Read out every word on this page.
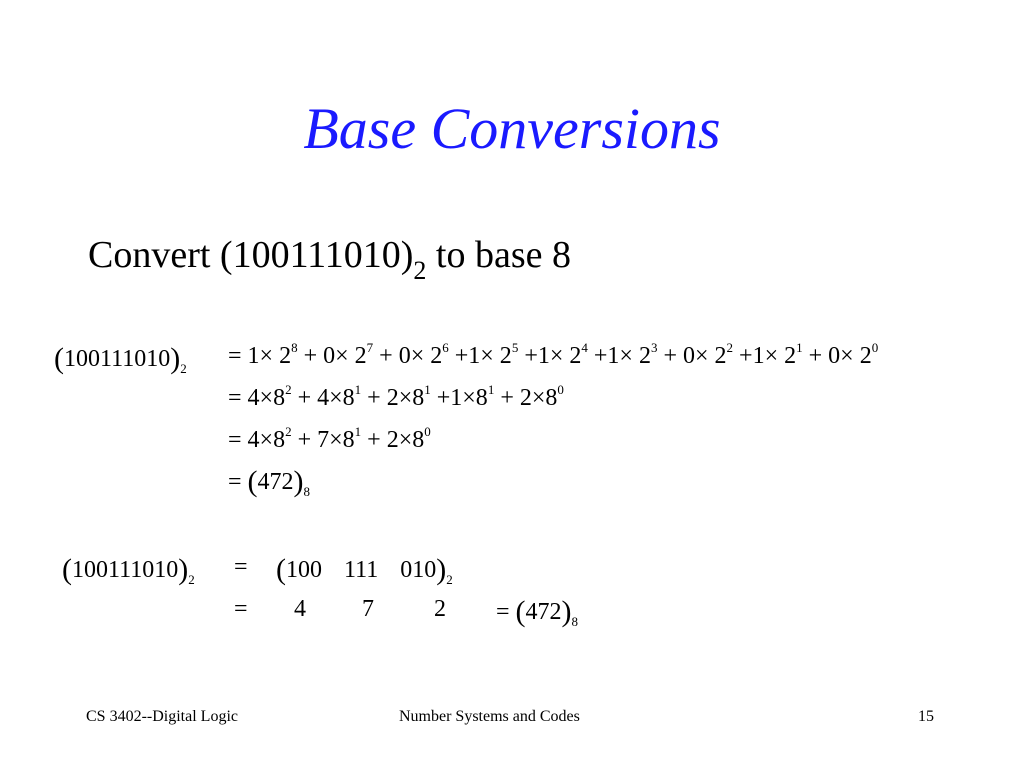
Base Conversions
Convert $(100111010)_2$ to base 8
$(100111010)_2 = 1\times 2^8 + 0\times 2^7 + 0\times 2^6 +1\times 2^5 +1\times 2^4 +1\times 2^3 + 0\times 2^2 +1\times 2^1 + 0\times 2^0$
= $4\times 8^2 + 4\times 8^1 + 2\times 8^1 +1\times 8^1 + 2\times 8^0$
= $4\times 8^2 + 7\times 8^1 + 2\times 8^0$
= $(472)_8$
$(100111010)_2 = (100$ 111 $010)_2$
= 4 7	$2 = (472)_8$
CS 3402--Digital Logic	Number Systems and Codes	15
